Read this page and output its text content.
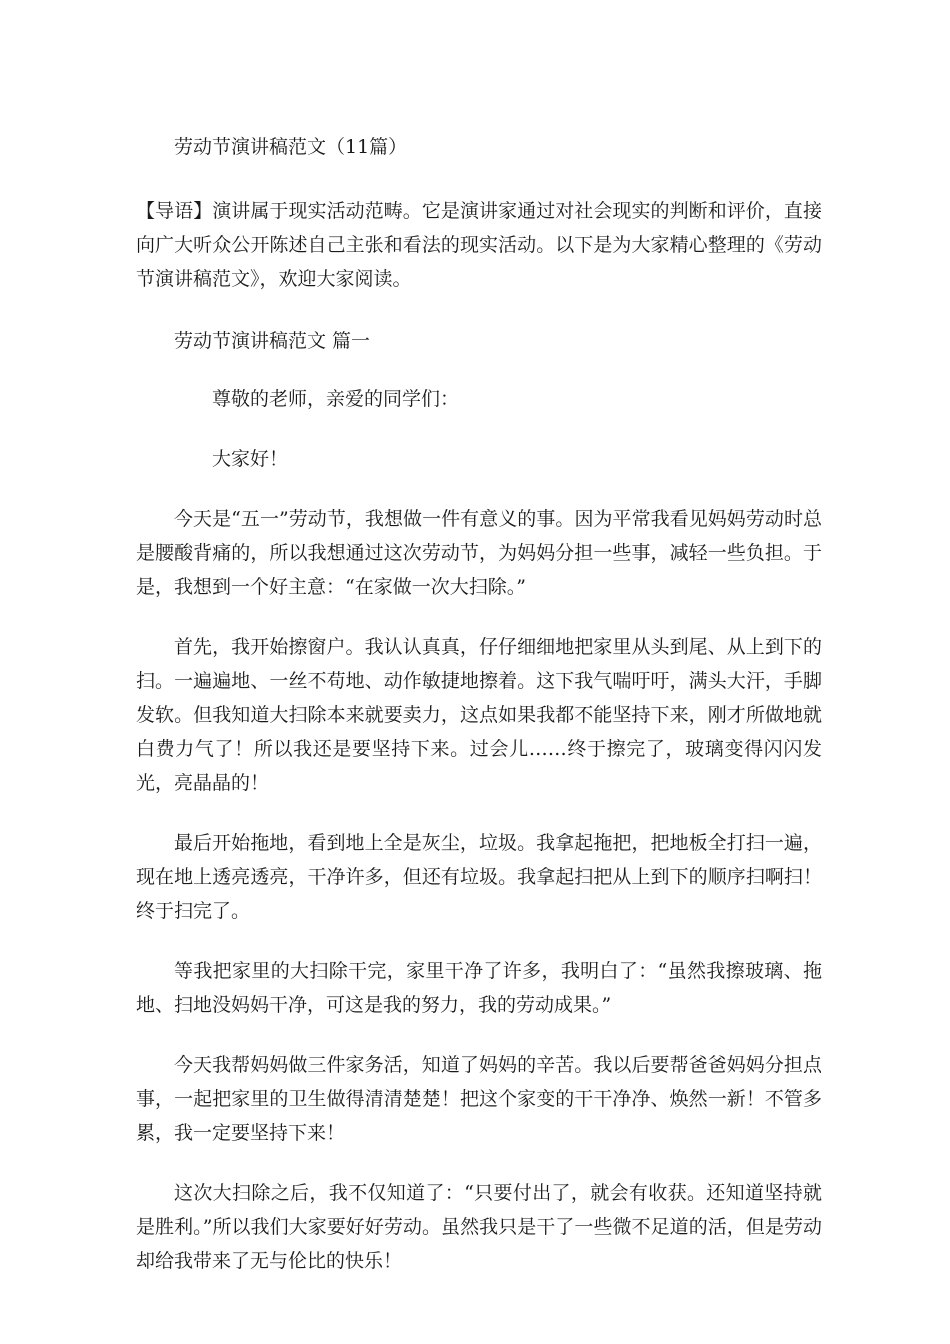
劳动节演讲稿范文（11篇）

【导语】演讲属于现实活动范畴。它是演讲家通过对社会现实的判断和评价，直接向广大听众公开陈述自己主张和看法的现实活动。以下是为大家精心整理的《劳动节演讲稿范文》，欢迎大家阅读。

劳动节演讲稿范文 篇一

尊敬的老师，亲爱的同学们：

大家好！

今天是“五一”劳动节，我想做一件有意义的事。因为平常我看见妈妈劳动时总是腰酸背痛的，所以我想通过这次劳动节，为妈妈分担一些事，减轻一些负担。于是，我想到一个好主意：“在家做一次大扫除。”

首先，我开始擦窗户。我认认真真，仔仔细细地把家里从头到尾、从上到下的扫。一遍遍地、一丝不苟地、动作敏捷地擦着。这下我气喘吁吁，满头大汗，手脚发软。但我知道大扫除本来就要卖力，这点如果我都不能坚持下来，刚才所做地就白费力气了！所以我还是要坚持下来。过会儿……终于擦完了，玻璃变得闪闪发光，亮晶晶的！

最后开始拖地，看到地上全是灰尘，垃圾。我拿起拖把，把地板全打扫一遍，现在地上透亮透亮，干净许多，但还有垃圾。我拿起扫把从上到下的顺序扫啊扫！终于扫完了。

等我把家里的大扫除干完，家里干净了许多，我明白了：“虽然我擦玻璃、拖地、扫地没妈妈干净，可这是我的努力，我的劳动成果。”

今天我帮妈妈做三件家务活，知道了妈妈的辛苦。我以后要帮爸爸妈妈分担点事，一起把家里的卫生做得清清楚楚！把这个家变的干干净净、焕然一新！不管多累，我一定要坚持下来！

这次大扫除之后，我不仅知道了：“只要付出了，就会有收获。还知道坚持就是胜利。”所以我们大家要好好劳动。虽然我只是干了一些微不足道的活，但是劳动却给我带来了无与伦比的快乐！
